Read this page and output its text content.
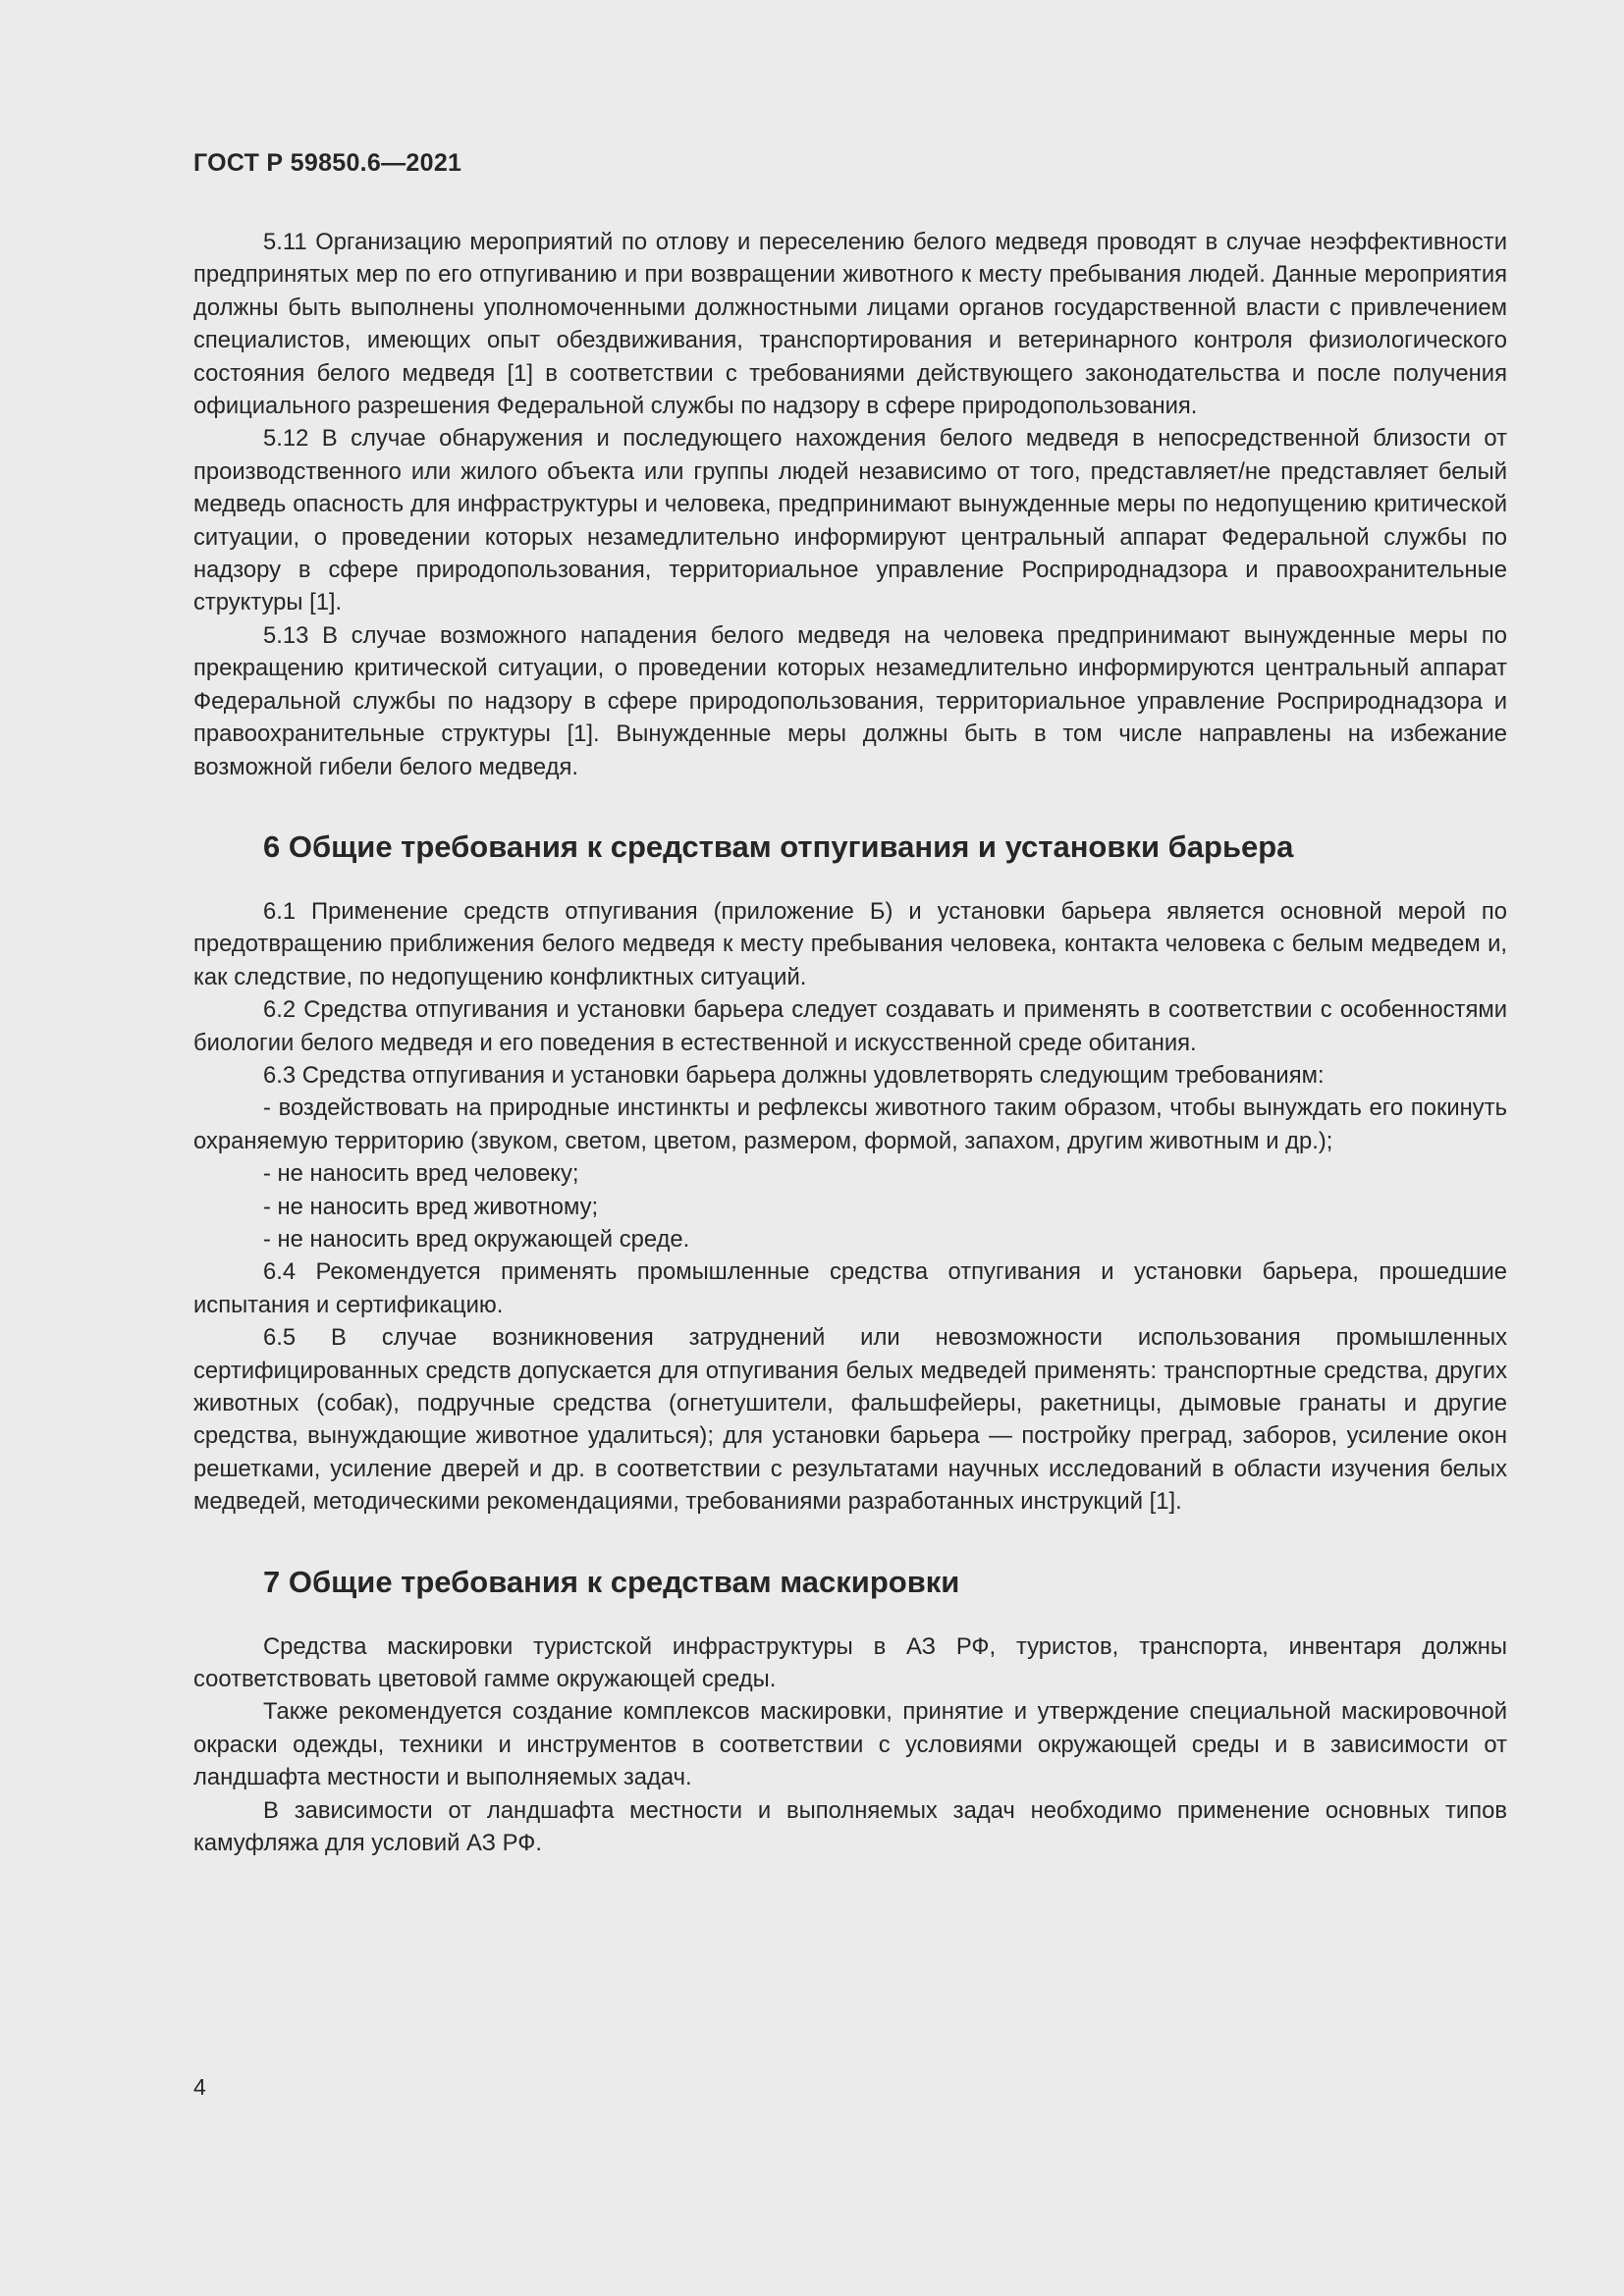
ГОСТ Р 59850.6—2021

5.11 Организацию мероприятий по отлову и переселению белого медведя проводят в случае неэффективности предпринятых мер по его отпугиванию и при возвращении животного к месту пребывания людей. Данные мероприятия должны быть выполнены уполномоченными должностными лицами органов государственной власти с привлечением специалистов, имеющих опыт обездвиживания, транспортирования и ветеринарного контроля физиологического состояния белого медведя [1] в соответствии с требованиями действующего законодательства и после получения официального разрешения Федеральной службы по надзору в сфере природопользования.

5.12 В случае обнаружения и последующего нахождения белого медведя в непосредственной близости от производственного или жилого объекта или группы людей независимо от того, представляет/не представляет белый медведь опасность для инфраструктуры и человека, предпринимают вынужденные меры по недопущению критической ситуации, о проведении которых незамедлительно информируют центральный аппарат Федеральной службы по надзору в сфере природопользования, территориальное управление Росприроднадзора и правоохранительные структуры [1].

5.13 В случае возможного нападения белого медведя на человека предпринимают вынужденные меры по прекращению критической ситуации, о проведении которых незамедлительно информируются центральный аппарат Федеральной службы по надзору в сфере природопользования, территориальное управление Росприроднадзора и правоохранительные структуры [1]. Вынужденные меры должны быть в том числе направлены на избежание возможной гибели белого медведя.

6 Общие требования к средствам отпугивания и установки барьера

6.1 Применение средств отпугивания (приложение Б) и установки барьера является основной мерой по предотвращению приближения белого медведя к месту пребывания человека, контакта человека с белым медведем и, как следствие, по недопущению конфликтных ситуаций.

6.2 Средства отпугивания и установки барьера следует создавать и применять в соответствии с особенностями биологии белого медведя и его поведения в естественной и искусственной среде обитания.

6.3 Средства отпугивания и установки барьера должны удовлетворять следующим требованиям:

- воздействовать на природные инстинкты и рефлексы животного таким образом, чтобы вынуждать его покинуть охраняемую территорию (звуком, светом, цветом, размером, формой, запахом, другим животным и др.);

- не наносить вред человеку;

- не наносить вред животному;

- не наносить вред окружающей среде.

6.4 Рекомендуется применять промышленные средства отпугивания и установки барьера, прошедшие испытания и сертификацию.

6.5 В случае возникновения затруднений или невозможности использования промышленных сертифицированных средств допускается для отпугивания белых медведей применять: транспортные средства, других животных (собак), подручные средства (огнетушители, фальшфейеры, ракетницы, дымовые гранаты и другие средства, вынуждающие животное удалиться); для установки барьера — постройку преград, заборов, усиление окон решетками, усиление дверей и др. в соответствии с результатами научных исследований в области изучения белых медведей, методическими рекомендациями, требованиями разработанных инструкций [1].

7 Общие требования к средствам маскировки

Средства маскировки туристской инфраструктуры в АЗ РФ, туристов, транспорта, инвентаря должны соответствовать цветовой гамме окружающей среды.

Также рекомендуется создание комплексов маскировки, принятие и утверждение специальной маскировочной окраски одежды, техники и инструментов в соответствии с условиями окружающей среды и в зависимости от ландшафта местности и выполняемых задач.

В зависимости от ландшафта местности и выполняемых задач необходимо применение основных типов камуфляжа для условий АЗ РФ.

4
